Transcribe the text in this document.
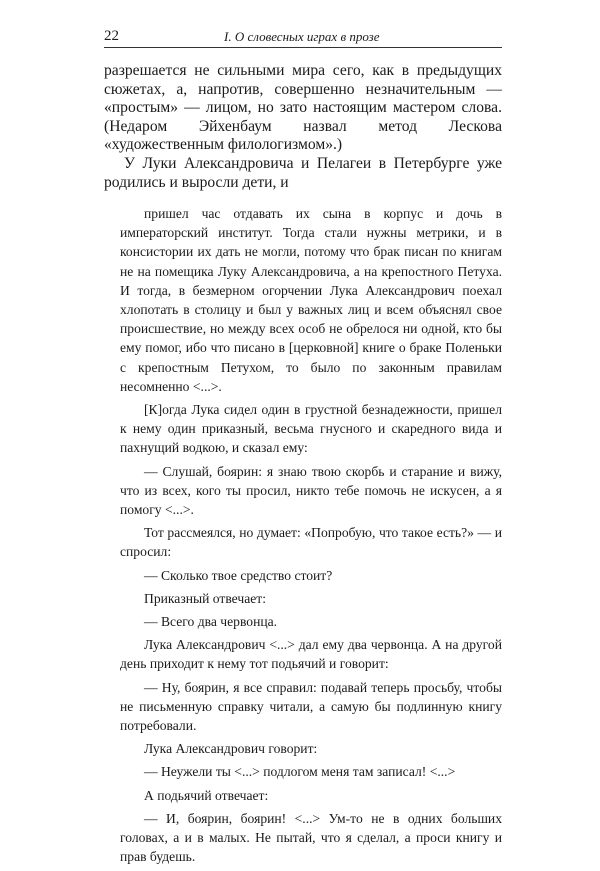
22	I. О словесных играх в прозе

разрешается не сильными мира сего, как в предыдущих сюжетах, а, напротив, совершенно незначительным — «простым» — лицом, но зато настоящим мастером слова. (Недаром Эйхенбаум назвал метод Лескова «художественным филологизмом».)

У Луки Александровича и Пелагеи в Петербурге уже родились и выросли дети, и

пришел час отдавать их сына в корпус и дочь в императорский институт. Тогда стали нужны метрики, и в консистории их дать не могли, потому что брак писан по книгам не на помещика Луку Александровича, а на крепостного Петуха. И тогда, в безмерном огорчении Лука Александрович поехал хлопотать в столицу и был у важных лиц и всем объяснял свое происшествие, но между всех особ не обрелося ни одной, кто бы ему помог, ибо что писано в [церковной] книге о браке Поленьки с крепостным Петухом, то было по законным правилам несомненно <...>.

[К]огда Лука сидел один в грустной безнадежности, пришел к нему один приказный, весьма гнусного и скаредного вида и пахнущий водкою, и сказал ему:

— Слушай, боярин: я знаю твою скорбь и старание и вижу, что из всех, кого ты просил, никто тебе помочь не искусен, а я помогу <...>.

Тот рассмеялся, но думает: «Попробую, что такое есть?» — и спросил:

— Сколько твое средство стоит?

Приказный отвечает:

— Всего два червонца.

Лука Александрович <...> дал ему два червонца. А на другой день приходит к нему тот подьячий и говорит:

— Ну, боярин, я все справил: подавай теперь просьбу, чтобы не письменную справку читали, а самую бы подлинную книгу потребовали.

Лука Александрович говорит:

— Неужели ты <...> подлогом меня там записал! <...>

А подьячий отвечает:

— И, боярин, боярин! <...> Ум-то не в одних больших головах, а и в малых. Не пытай, что я сделал, а проси книгу и прав будешь.
